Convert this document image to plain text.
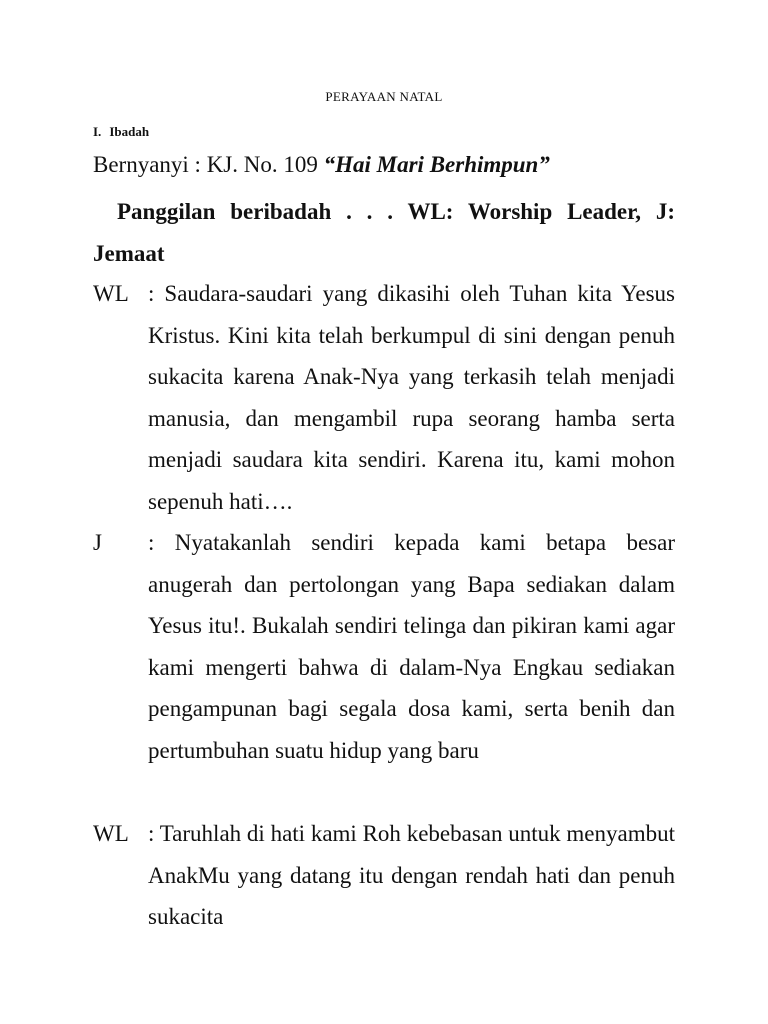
PERAYAAN NATAL
I. Ibadah
Bernyanyi : KJ. No. 109 “Hai Mari Berhimpun”
Panggilan beribadah . . . WL: Worship Leader, J: Jemaat
WL : Saudara-saudari yang dikasihi oleh Tuhan kita Yesus Kristus. Kini kita telah berkumpul di sini dengan penuh sukacita karena Anak-Nya yang terkasih telah menjadi manusia, dan mengambil rupa seorang hamba serta menjadi saudara kita sendiri. Karena itu, kami mohon sepenuh hati….
J : Nyatakanlah sendiri kepada kami betapa besar anugerah dan pertolongan yang Bapa sediakan dalam Yesus itu!. Bukalah sendiri telinga dan pikiran kami agar kami mengerti bahwa di dalam-Nya Engkau sediakan pengampunan bagi segala dosa kami, serta benih dan pertumbuhan suatu hidup yang baru
WL : Taruhlah di hati kami Roh kebebasan untuk menyambut AnakMu yang datang itu dengan rendah hati dan penuh sukacita
